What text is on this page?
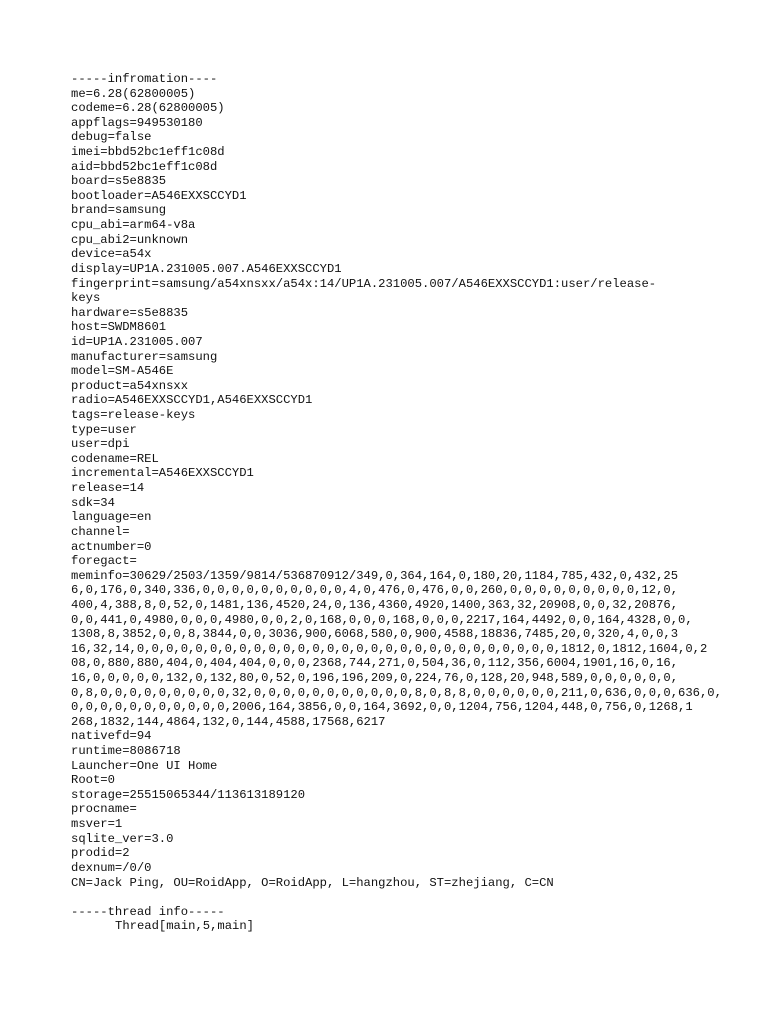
-----infromation----
me=6.28(62800005)
codeme=6.28(62800005)
appflags=949530180
debug=false
imei=bbd52bc1eff1c08d
aid=bbd52bc1eff1c08d
board=s5e8835
bootloader=A546EXXSCCYD1
brand=samsung
cpu_abi=arm64-v8a
cpu_abi2=unknown
device=a54x
display=UP1A.231005.007.A546EXXSCCYD1
fingerprint=samsung/a54xnsxx/a54x:14/UP1A.231005.007/A546EXXSCCYD1:user/release-
keys
hardware=s5e8835
host=SWDM8601
id=UP1A.231005.007
manufacturer=samsung
model=SM-A546E
product=a54xnsxx
radio=A546EXXSCCYD1,A546EXXSCCYD1
tags=release-keys
type=user
user=dpi
codename=REL
incremental=A546EXXSCCYD1
release=14
sdk=34
language=en
channel=
actnumber=0
foregact=
meminfo=30629/2503/1359/9814/536870912/349,0,364,164,0,180,20,1184,785,432,0,432,25
6,0,176,0,340,336,0,0,0,0,0,0,0,0,0,0,4,0,476,0,476,0,0,260,0,0,0,0,0,0,0,0,0,12,0,
400,4,388,8,0,52,0,1481,136,4520,24,0,136,4360,4920,1400,363,32,20908,0,0,32,20876,
0,0,441,0,4980,0,0,0,4980,0,0,2,0,168,0,0,0,168,0,0,0,2217,164,4492,0,0,164,4328,0,0,
1308,8,3852,0,0,8,3844,0,0,3036,900,6068,580,0,900,4588,18836,7485,20,0,320,4,0,0,3
16,32,14,0,0,0,0,0,0,0,0,0,0,0,0,0,0,0,0,0,0,0,0,0,0,0,0,0,0,0,0,0,1812,0,1812,1604,0,2
08,0,880,880,404,0,404,404,0,0,0,2368,744,271,0,504,36,0,112,356,6004,1901,16,0,16,
16,0,0,0,0,0,132,0,132,80,0,52,0,196,196,209,0,224,76,0,128,20,948,589,0,0,0,0,0,0,
0,8,0,0,0,0,0,0,0,0,0,32,0,0,0,0,0,0,0,0,0,0,0,8,0,8,8,0,0,0,0,0,0,211,0,636,0,0,0,636,0,
0,0,0,0,0,0,0,0,0,0,0,2006,164,3856,0,0,164,3692,0,0,1204,756,1204,448,0,756,0,1268,1
268,1832,144,4864,132,0,144,4588,17568,6217
nativefd=94
runtime=8086718
Launcher=One UI Home
Root=0
storage=25515065344/113613189120
procname=
msver=1
sqlite_ver=3.0
prodid=2
dexnum=/0/0
CN=Jack Ping, OU=RoidApp, O=RoidApp, L=hangzhou, ST=zhejiang, C=CN
-----thread info-----
Thread[main,5,main]
